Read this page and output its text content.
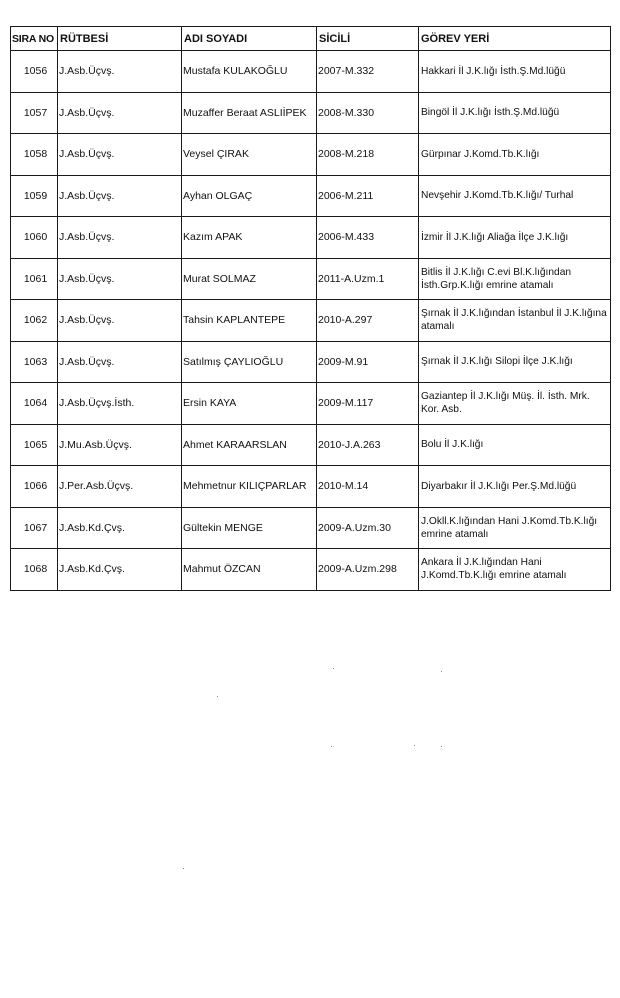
SIRA NO	RÜTBESİ	ADI SOYADI	SİCİLİ	GÖREV YERİ
1056	J.Asb.Üçvş.	Mustafa KULAKOĞLU	2007-M.332	Hakkari İl J.K.lığı İsth.Ş.Md.lüğü
1057	J.Asb.Üçvş.	Muzaffer Beraat ASLIİPEK	2008-M.330	Bingöl İl J.K.lığı İsth.Ş.Md.lüğü
1058	J.Asb.Üçvş.	Veysel ÇIRAK	2008-M.218	Gürpınar J.Komd.Tb.K.lığı
1059	J.Asb.Üçvş.	Ayhan OLGAÇ	2006-M.211	Nevşehir J.Komd.Tb.K.lığı/ Turhal
1060	J.Asb.Üçvş.	Kazım APAK	2006-M.433	İzmir İl J.K.lığı Aliağa İlçe J.K.lığı
1061	J.Asb.Üçvş.	Murat SOLMAZ	2011-A.Uzm.1	Bitlis İl J.K.lığı C.evi Bl.K.lığından İsth.Grp.K.lığı emrine atamalı
1062	J.Asb.Üçvş.	Tahsin KAPLANTEPE	2010-A.297	Şırnak İl J.K.lığından İstanbul İl J.K.lığına atamalı
1063	J.Asb.Üçvş.	Satılmış ÇAYLIOĞLU	2009-M.91	Şırnak İl J.K.lığı Silopi İlçe J.K.lığı
1064	J.Asb.Üçvş.İsth.	Ersin KAYA	2009-M.117	Gaziantep İl J.K.lığı Müş. İl. İsth. Mrk. Kor. Asb.
1065	J.Mu.Asb.Üçvş.	Ahmet KARAARSLAN	2010-J.A.263	Bolu İl J.K.lığı
1066	J.Per.Asb.Üçvş.	Mehmetnur KILIÇPARLAR	2010-M.14	Diyarbakır İl J.K.lığı Per.Ş.Md.lüğü
1067	J.Asb.Kd.Çvş.	Gültekin MENGE	2009-A.Uzm.30	J.Okll.K.lığından Hani J.Komd.Tb.K.lığı emrine atamalı
1068	J.Asb.Kd.Çvş.	Mahmut ÖZCAN	2009-A.Uzm.298	Ankara İl J.K.lığından Hani J.Komd.Tb.K.lığı emrine atamalı
